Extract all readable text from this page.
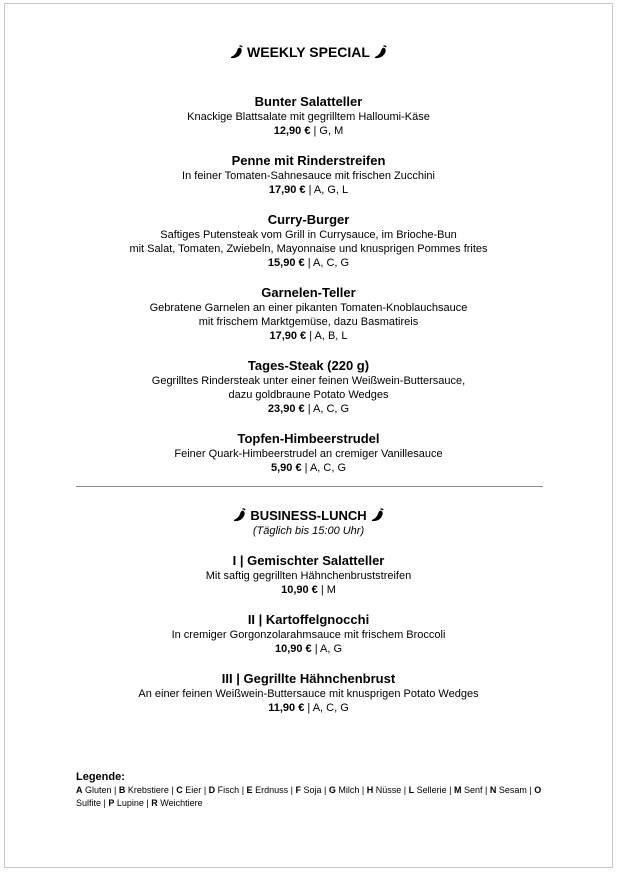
WEEKLY SPECIAL
Bunter Salatteller
Knackige Blattsalate mit gegrilltem Halloumi-Käse
12,90 € | G, M
Penne mit Rinderstreifen
In feiner Tomaten-Sahnesauce mit frischen Zucchini
17,90 € | A, G, L
Curry-Burger
Saftiges Putensteak vom Grill in Currysauce, im Brioche-Bun
mit Salat, Tomaten, Zwiebeln, Mayonnaise und knusprigen Pommes frites
15,90 € | A, C, G
Garnelen-Teller
Gebratene Garnelen an einer pikanten Tomaten-Knoblauchsauce
mit frischem Marktgemüse, dazu Basmatireis
17,90 € | A, B, L
Tages-Steak (220 g)
Gegrilltes Rindersteak unter einer feinen Weißwein-Buttersauce,
dazu goldbraune Potato Wedges
23,90 € | A, C, G
Topfen-Himbeerstrudel
Feiner Quark-Himbeerstrudel an cremiger Vanillesauce
5,90 € | A, C, G
BUSINESS-LUNCH
(Täglich bis 15:00 Uhr)
I | Gemischter Salatteller
Mit saftig gegrillten Hähnchenbruststreifen
10,90 € | M
II | Kartoffelgnocchi
In cremiger Gorgonzolarahmsauce mit frischem Broccoli
10,90 € | A, G
III | Gegrillte Hähnchenbrust
An einer feinen Weißwein-Buttersauce mit knusprigen Potato Wedges
11,90 € | A, C, G
Legende:
A Gluten | B Krebstiere | C Eier | D Fisch | E Erdnuss | F Soja | G Milch | H Nüsse | L Sellerie | M Senf | N Sesam | O Sulfite | P Lupine | R Weichtiere
